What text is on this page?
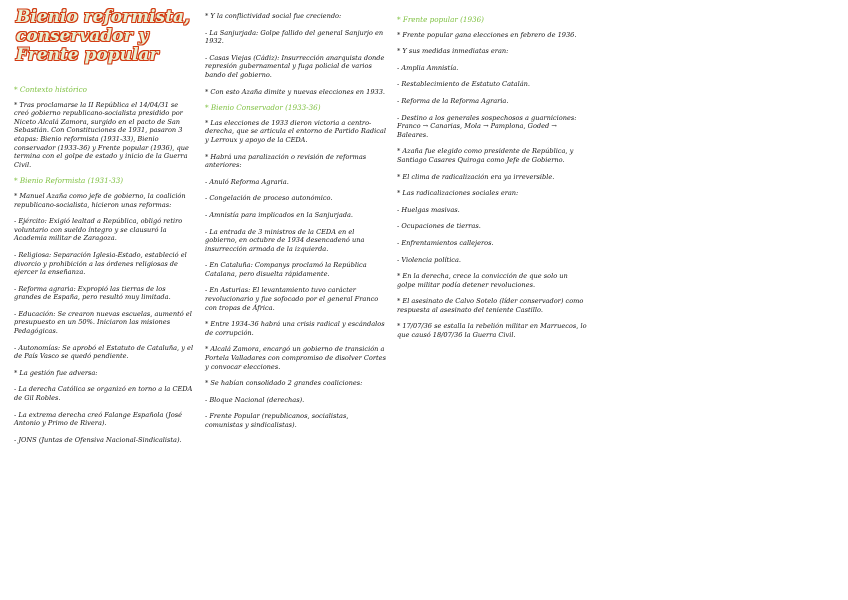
Bienio reformista, conservador y Frente popular
* Contexto histórico
* Tras proclamarse la II República el 14/04/31 se creó gobierno republicano-socialista presidido por Niceto Alcalá Zamora, surgido en el pacto de San Sebastián. Con Constituciones de 1931, pasaron 3 etapas: Bienio reformista (1931-33), Bienio conservador (1933-36) y Frente popular (1936), que termina con el golpe de estado y inicio de la Guerra Civil.
* Bienio Reformista (1931-33)
* Manuel Azaña como jefe de gobierno, la coalición republicano-socialista, hicieron unas reformas:
- Ejército: Exigió lealtad a República, obligó retiro voluntario con sueldo íntegro y se clausuró la Academia militar de Zaragoza.
- Religiosa: Separación Iglesia-Estado, estableció el divorcio y prohibición a las órdenes religiosas de ejercer la enseñanza.
- Reforma agraria: Expropió las tierras de los grandes de España, pero resultó muy limitada.
- Educación: Se crearon nuevas escuelas, aumentó el presupuesto en un 50%. Iniciaron las misiones Pedagógicas.
- Autonomías: Se aprobó el Estatuto de Cataluña, y el de País Vasco se quedó pendiente.
* La gestión fue adversa:
- La derecha Católica se organizó en torno a la CEDA de Gil Robles.
- La extrema derecha creó Falange Española (José Antonio y Primo de Rivera).
- JONS (Juntas de Ofensiva Nacional-Sindicalista).
* Y la conflictividad social fue creciendo:
- La Sanjurjada: Golpe fallido del general Sanjurjo en 1932.
- Casas Viejas (Cádiz): Insurrección anarquista donde represión gubernamental y fuga policial de varios bando del gobierno.
* Con esto Azaña dimite y nuevas elecciones en 1933.
* Bienio Conservador (1933-36)
* Las elecciones de 1933 dieron victoria a centro-derecha, que se articula el entorno de Partido Radical y Lerroux y apoyo de la CEDA.
* Habrá una paralización o revisión de reformas anteriores:
- Anuló Reforma Agraria.
- Congelación de proceso autonómico.
- Amnistía para implicados en la Sanjurjada.
- La entrada de 3 ministros de la CEDA en el gobierno, en octubre de 1934 desencadenó una insurrección armada de la izquierda.
- En Cataluña: Companys proclamó la República Catalana, pero disuelta rápidamente.
- En Asturias: El levantamiento tuvo carácter revolucionario y fue sofocado por el general Franco con tropas de África.
* Entre 1934-36 habrá una crisis radical y escándalos de corrupción.
* Alcalá Zamora, encargó un gobierno de transición a Portela Valladares con compromiso de disolver Cortes y convocar elecciones.
* Se habían consolidado 2 grandes coaliciones:
- Bloque Nacional (derechas).
- Frente Popular (republicanos, socialistas, comunistas y sindicalistas).
* Frente popular (1936)
* Frente popular gana elecciones en febrero de 1936.
* Y sus medidas inmediatas eran:
- Amplia Amnistía.
- Restablecimiento de Estatuto Catalán.
- Reforma de la Reforma Agraria.
- Destino a los generales sospechosos a guarniciones: Franco → Canarias, Mola → Pamplona, Goded → Baleares.
* Azaña fue elegido como presidente de República, y Santiago Casares Quiroga como Jefe de Gobierno.
* El clima de radicalización era ya irreversible.
* Las radicalizaciones sociales eran:
- Huelgas masivas.
- Ocupaciones de tierras.
- Enfrentamientos callejeros.
- Violencia política.
* En la derecha, crece la convicción de que solo un golpe militar podía detener revoluciones.
* El asesinato de Calvo Sotelo (líder conservador) como respuesta al asesinato del teniente Castillo.
* 17/07/36 se estalla la rebelión militar en Marruecos, lo que causó 18/07/36 la Guerra Civil.
